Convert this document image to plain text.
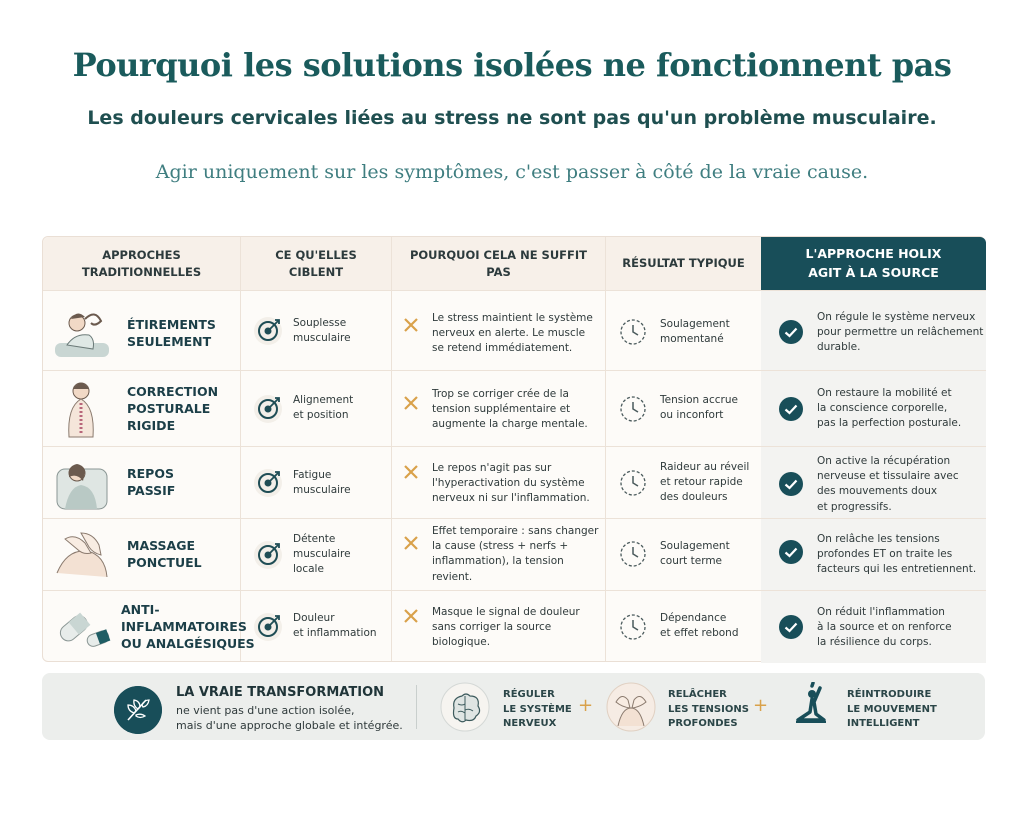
Pourquoi les solutions isolées ne fonctionnent pas
Les douleurs cervicales liées au stress ne sont pas qu'un problème musculaire.
Agir uniquement sur les symptômes, c'est passer à côté de la vraie cause.
APPROCHES
TRADITIONNELLES
CE QU'ELLES CIBLENT
POURQUOI CELA NE SUFFIT PAS
RÉSULTAT TYPIQUE
L'APPROCHE HOLIX
AGIT À LA SOURCE
ÉTIREMENTS
SEULEMENT
Souplesse
musculaire
Le stress maintient le système
nerveux en alerte. Le muscle
se retend immédiatement.
Soulagement
momentané
On régule le système nerveux
pour permettre un relâchement
durable.
CORRECTION
POSTURALE
RIGIDE
Alignement
et position
Trop se corriger crée de la
tension supplémentaire et
augmente la charge mentale.
Tension accrue
ou inconfort
On restaure la mobilité et
la conscience corporelle,
pas la perfection posturale.
REPOS
PASSIF
Fatigue
musculaire
Le repos n'agit pas sur
l'hyperactivation du système
nerveux ni sur l'inflammation.
Raideur au réveil
et retour rapide
des douleurs
On active la récupération
nerveuse et tissulaire avec
des mouvements doux
et progressifs.
MASSAGE
PONCTUEL
Détente
musculaire
locale
Effet temporaire : sans changer
la cause (stress + nerfs +
inflammation), la tension
revient.
Soulagement
court terme
On relâche les tensions
profondes ET on traite les
facteurs qui les entretiennent.
ANTI-
INFLAMMATOIRES
OU ANALGÉSIQUES
Douleur
et inflammation
Masque le signal de douleur
sans corriger la source
biologique.
Dépendance
et effet rebond
On réduit l'inflammation
à la source et on renforce
la résilience du corps.
LA VRAIE TRANSFORMATION
ne vient pas d'une action isolée,
mais d'une approche globale et intégrée.
RÉGULER
LE SYSTÈME
NERVEUX
+
RELÂCHER
LES TENSIONS
PROFONDES
+
RÉINTRODUIRE
LE MOUVEMENT
INTELLIGENT
